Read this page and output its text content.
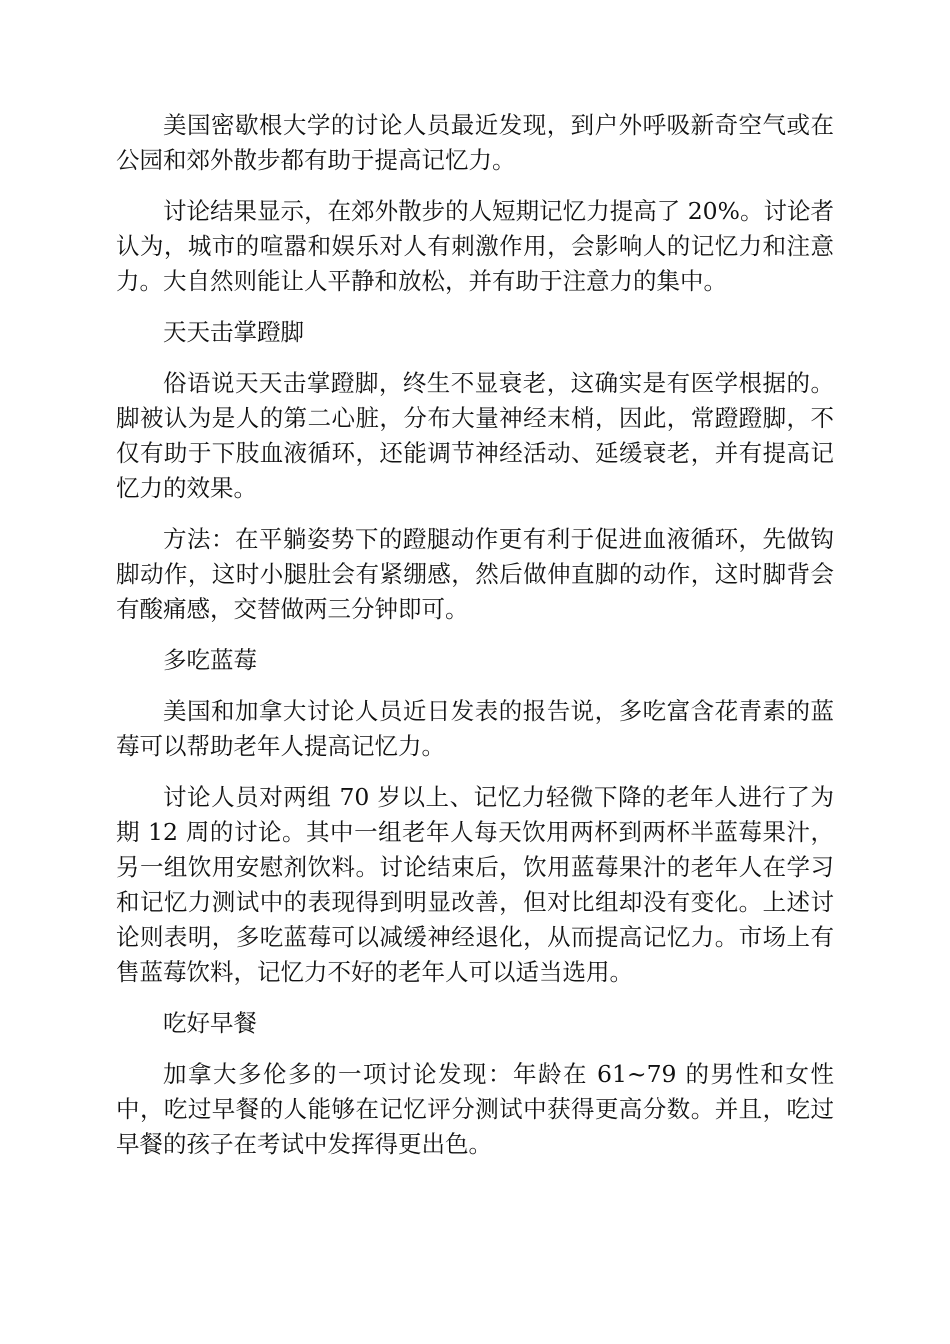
美国密歇根大学的讨论人员最近发现，到户外呼吸新奇空气或在公园和郊外散步都有助于提高记忆力。

讨论结果显示，在郊外散步的人短期记忆力提高了 20%。讨论者认为，城市的喧嚣和娱乐对人有刺激作用，会影响人的记忆力和注意力。大自然则能让人平静和放松，并有助于注意力的集中。

天天击掌蹬脚

俗语说天天击掌蹬脚，终生不显衰老，这确实是有医学根据的。脚被认为是人的第二心脏，分布大量神经末梢，因此，常蹬蹬脚，不仅有助于下肢血液循环，还能调节神经活动、延缓衰老，并有提高记忆力的效果。

方法：在平躺姿势下的蹬腿动作更有利于促进血液循环，先做钩脚动作，这时小腿肚会有紧绷感，然后做伸直脚的动作，这时脚背会有酸痛感，交替做两三分钟即可。

多吃蓝莓

美国和加拿大讨论人员近日发表的报告说，多吃富含花青素的蓝莓可以帮助老年人提高记忆力。

讨论人员对两组 70 岁以上、记忆力轻微下降的老年人进行了为期 12 周的讨论。其中一组老年人每天饮用两杯到两杯半蓝莓果汁，另一组饮用安慰剂饮料。讨论结束后，饮用蓝莓果汁的老年人在学习和记忆力测试中的表现得到明显改善，但对比组却没有变化。上述讨论则表明，多吃蓝莓可以减缓神经退化，从而提高记忆力。市场上有售蓝莓饮料，记忆力不好的老年人可以适当选用。

吃好早餐

加拿大多伦多的一项讨论发现：年龄在 61~79 的男性和女性中，吃过早餐的人能够在记忆评分测试中获得更高分数。并且，吃过早餐的孩子在考试中发挥得更出色。
